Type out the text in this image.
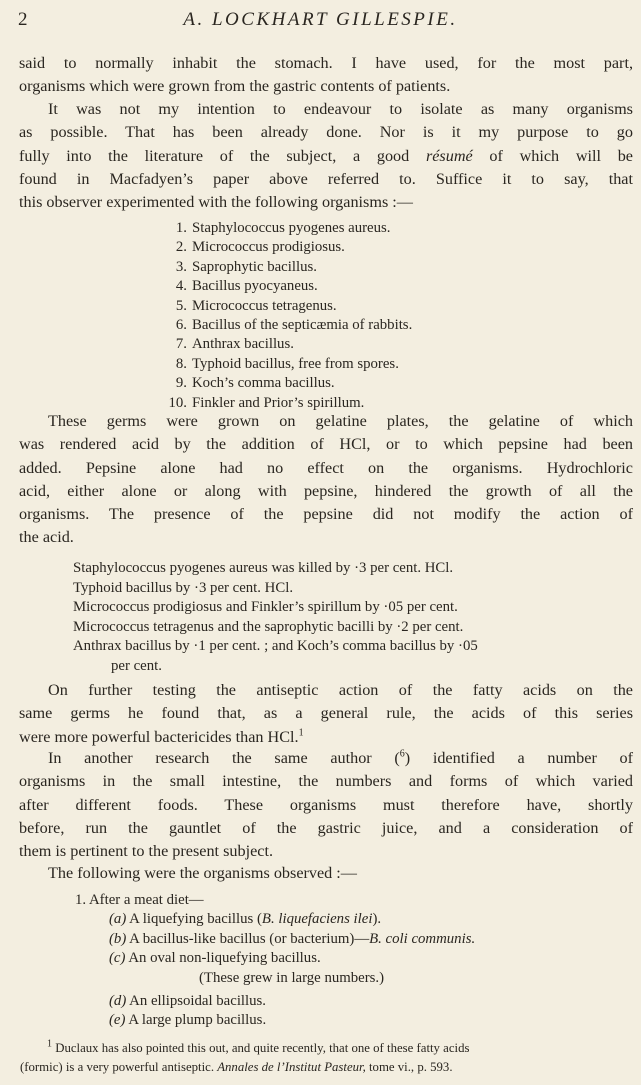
2	A. LOCKHART GILLESPIE.

said to normally inhabit the stomach. I have used, for the most part,

organisms which were grown from the gastric contents of patients.

It was not my intention to endeavour to isolate as many organisms

as possible. That has been already done. Nor is it my purpose to go

fully into the literature of the subject, a good résumé of which will be

found in Macfadyen’s paper above referred to. Suffice it to say, that

this observer experimented with the following organisms :—

1. Staphylococcus pyogenes aureus.
2. Micrococcus prodigiosus.
3. Saprophytic bacillus.
4. Bacillus pyocyaneus.
5. Micrococcus tetragenus.
6. Bacillus of the septicæmia of rabbits.
7. Anthrax bacillus.
8. Typhoid bacillus, free from spores.
9. Koch’s comma bacillus.
10. Finkler and Prior’s spirillum.

These germs were grown on gelatine plates, the gelatine of which

was rendered acid by the addition of HCl, or to which pepsine had been

added. Pepsine alone had no effect on the organisms. Hydrochloric

acid, either alone or along with pepsine, hindered the growth of all the

organisms. The presence of the pepsine did not modify the action of

the acid.

Staphylococcus pyogenes aureus was killed by ·3 per cent. HCl.
Typhoid bacillus by ·3 per cent. HCl.
Micrococcus prodigiosus and Finkler’s spirillum by ·05 per cent.
Micrococcus tetragenus and the saprophytic bacilli by ·2 per cent.
Anthrax bacillus by ·1 per cent. ; and Koch’s comma bacillus by ·05
per cent.

On further testing the antiseptic action of the fatty acids on the

same germs he found that, as a general rule, the acids of this series

were more powerful bactericides than HCl.$^1$

In another research the same author ($^6$) identified a number of

organisms in the small intestine, the numbers and forms of which varied

after different foods. These organisms must therefore have, shortly

before, run the gauntlet of the gastric juice, and a consideration of

them is pertinent to the present subject.

The following were the organisms observed :—

1. After a meat diet—
(a) A liquefying bacillus (B. liquefaciens ilei).
(b) A bacillus-like bacillus (or bacterium)—B. coli communis.
(c) An oval non-liquefying bacillus.
(These grew in large numbers.)
(d) An ellipsoidal bacillus.
(e) A large plump bacillus.
$^1$ Duclaux has also pointed this out, and quite recently, that one of these fatty acids
(formic) is a very powerful antiseptic. Annales de l’Institut Pasteur, tome vi., p. 593.
